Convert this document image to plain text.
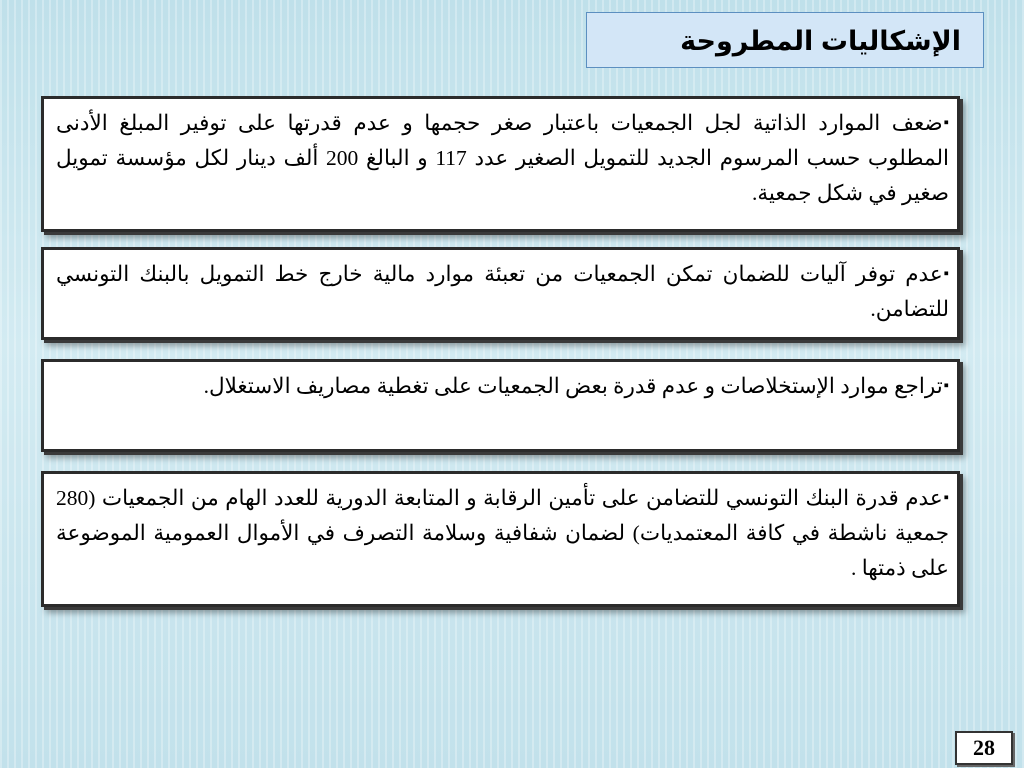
الإشكاليات المطروحة
▪ضعف الموارد الذاتية لجل الجمعيات باعتبار صغر حجمها و عدم قدرتها على توفير المبلغ الأدنى المطلوب حسب المرسوم الجديد للتمويل الصغير عدد 117 و البالغ 200 ألف دينار لكل مؤسسة تمويل صغير في شكل جمعية.
▪عدم توفر آليات للضمان تمكن الجمعيات من تعبئة موارد مالية خارج خط التمويل بالبنك التونسي للتضامن.
▪تراجع موارد الإستخلاصات و عدم قدرة بعض الجمعيات على تغطية مصاريف الاستغلال.
▪عدم قدرة البنك التونسي للتضامن على تأمين الرقابة و المتابعة الدورية للعدد الهام من الجمعيات (280 جمعية ناشطة في كافة المعتمديات) لضمان شفافية وسلامة التصرف في الأموال العمومية الموضوعة على ذمتها .
28
